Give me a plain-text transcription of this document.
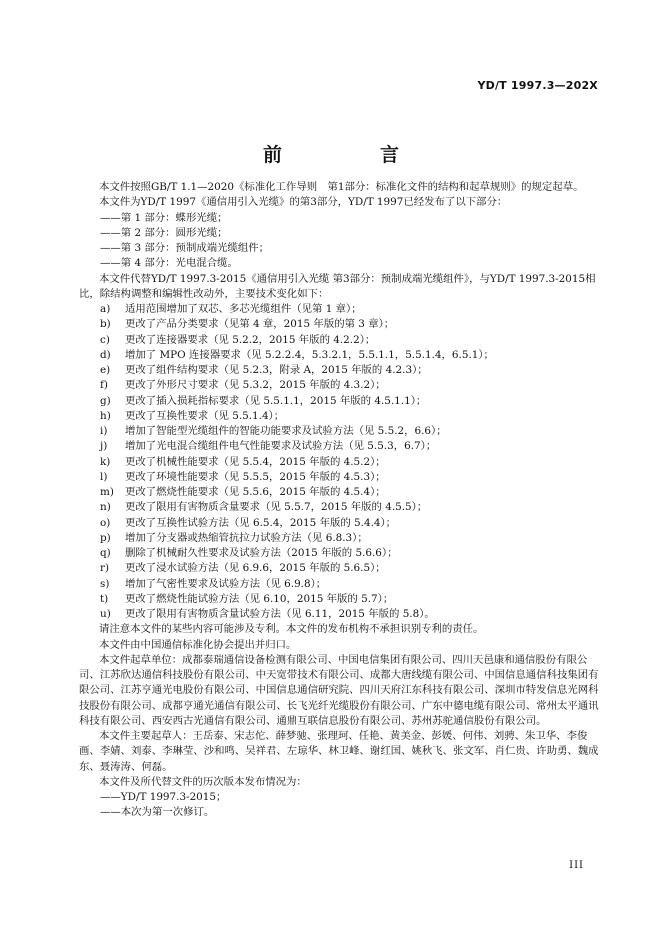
YD/T 1997.3—202X
前　　言

本文件按照GB/T 1.1—2020《标准化工作导则　第1部分：标准化文件的结构和起草规则》的规定起草。

本文件为YD/T 1997《通信用引入光缆》的第3部分，YD/T 1997已经发布了以下部分：

——第 1 部分：蝶形光缆；

——第 2 部分：圆形光缆；

——第 3 部分：预制成端光缆组件；

——第 4 部分：光电混合缆。

本文件代替YD/T 1997.3-2015《通信用引入光缆 第3部分：预制成端光缆组件》，与YD/T 1997.3-2015相比，除结构调整和编辑性改动外，主要技术变化如下：

a)	适用范围增加了双芯、多芯光缆组件（见第 1 章）；

b)	更改了产品分类要求（见第 4 章，2015 年版的第 3 章）；

c)	更改了连接器要求（见 5.2.2，2015 年版的 4.2.2）；

d)	增加了 MPO 连接器要求（见 5.2.2.4，5.3.2.1，5.5.1.1，5.5.1.4，6.5.1）；

e)	更改了组件结构要求（见 5.2.3，附录 A，2015 年版的 4.2.3）；

f)	更改了外形尺寸要求（见 5.3.2，2015 年版的 4.3.2）；

g)	更改了插入损耗指标要求（见 5.5.1.1，2015 年版的 4.5.1.1）；

h)	更改了互换性要求（见 5.5.1.4）；

i)	增加了智能型光缆组件的智能功能要求及试验方法（见 5.5.2，6.6）；

j)	增加了光电混合缆组件电气性能要求及试验方法（见 5.5.3，6.7）；

k)	更改了机械性能要求（见 5.5.4，2015 年版的 4.5.2）；

l)	更改了环境性能要求（见 5.5.5，2015 年版的 4.5.3）；

m)	更改了燃烧性能要求（见 5.5.6，2015 年版的 4.5.4）；

n)	更改了限用有害物质含量要求（见 5.5.7，2015 年版的 4.5.5）；

o)	更改了互换性试验方法（见 6.5.4，2015 年版的 5.4.4）；

p)	增加了分支器或热缩管抗拉力试验方法（见 6.8.3）；

q)	删除了机械耐久性要求及试验方法（2015 年版的 5.6.6）；

r)	更改了浸水试验方法（见 6.9.6，2015 年版的 5.6.5）；

s)	增加了气密性要求及试验方法（见 6.9.8）；

t)	更改了燃烧性能试验方法（见 6.10，2015 年版的 5.7）；

u)	更改了限用有害物质含量试验方法（见 6.11，2015 年版的 5.8）。

请注意本文件的某些内容可能涉及专利。本文件的发布机构不承担识别专利的责任。

本文件由中国通信标准化协会提出并归口。

本文件起草单位：成都泰瑞通信设备检测有限公司、中国电信集团有限公司、四川天邑康和通信股份有限公司、江苏欣达通信科技股份有限公司、中天宽带技术有限公司、成都大唐线缆有限公司、中国信息通信科技集团有限公司、江苏亨通光电股份有限公司、中国信息通信研究院、四川天府江东科技有限公司、深圳市特发信息光网科技股份有限公司、成都亨通光通信有限公司、长飞光纤光缆股份有限公司、广东中德电缆有限公司、常州太平通讯科技有限公司、西安西古光通信有限公司、通鼎互联信息股份有限公司、苏州苏驼通信股份有限公司。

本文件主要起草人：王岳泰、宋志佗、薛梦驰、张理珂、任艳、黄美金、彭媛、何伟、刘骋、朱卫华、李俊画、李婧、刘泰、李琳莹、沙和鸣、吴祥君、左琼华、林卫峰、谢红国、姚秋飞、张文军、肖仁贵、许助勇、魏成东、聂涛涛、何磊。

本文件及所代替文件的历次版本发布情况为：

——YD/T 1997.3-2015；

——本次为第一次修订。

III
